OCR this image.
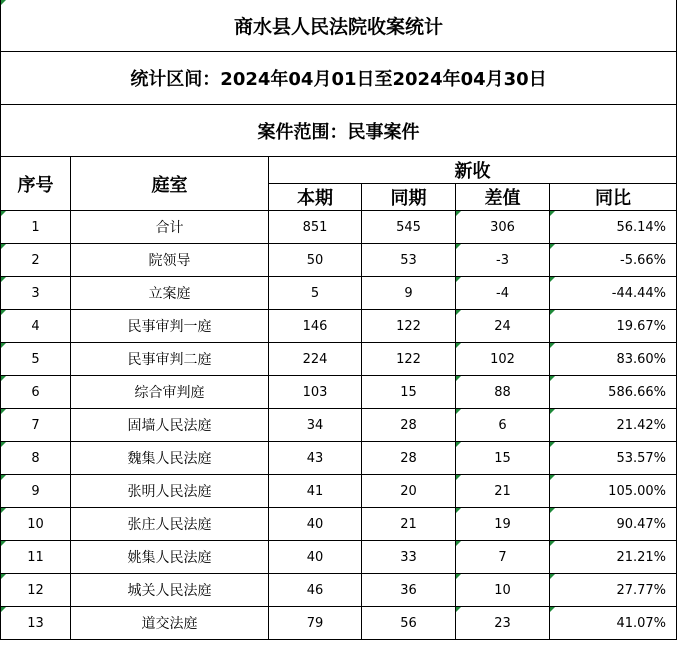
商水县人民法院收案统计					
统计区间：2024年04月01日至2024年04月30日					
案件范围：民事案件					
序号	庭室	新收			
		本期	同期	差值	同比
1	合计	851	545	306	56.14%
2	院领导	50	53	-3	-5.66%
3	立案庭	5	9	-4	-44.44%
4	民事审判一庭	146	122	24	19.67%
5	民事审判二庭	224	122	102	83.60%
6	综合审判庭	103	15	88	586.66%
7	固墙人民法庭	34	28	6	21.42%
8	魏集人民法庭	43	28	15	53.57%
9	张明人民法庭	41	20	21	105.00%
10	张庄人民法庭	40	21	19	90.47%
11	姚集人民法庭	40	33	7	21.21%
12	城关人民法庭	46	36	10	27.77%
13	道交法庭	79	56	23	41.07%
